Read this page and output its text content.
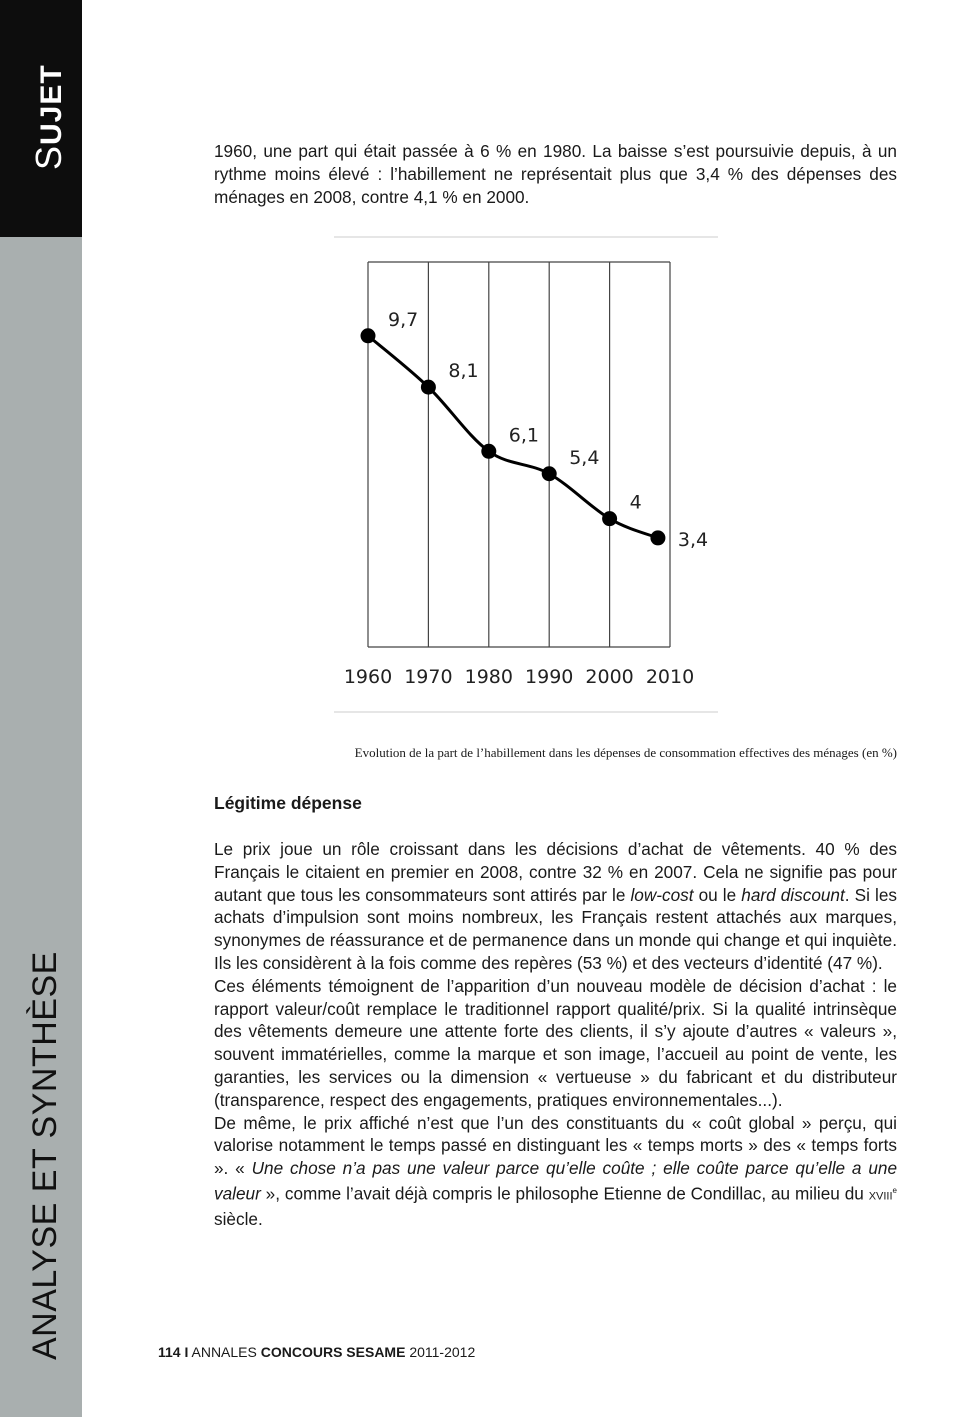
SUJET
ANALYSE ET SYNTHÈSE

1960, une part qui était passée à 6 % en 1980. La baisse s’est poursuivie depuis, à un rythme moins élevé : l’habillement ne représentait plus que 3,4 % des dépenses des ménages en 2008, contre 4,1 % en 2000.

1960 1970 1980 1990 2000 2010
9,7
8,1
6,1
5,4
4
3,4
Evolution de la part de l’habillement dans les dépenses de consommation effectives des ménages (en %)
Légitime dépense

Le prix joue un rôle croissant dans les décisions d’achat de vêtements. 40 % des Français le citaient en premier en 2008, contre 32 % en 2007. Cela ne signifie pas pour autant que tous les consommateurs sont attirés par le low-cost ou le hard discount. Si les achats d’impulsion sont moins nombreux, les Français restent attachés aux marques, synonymes de réassurance et de permanence dans un monde qui change et qui inquiète. Ils les considèrent à la fois comme des repères (53 %) et des vecteurs d’identité (47 %).

Ces éléments témoignent de l’apparition d’un nouveau modèle de décision d’achat : le rapport valeur/coût remplace le traditionnel rapport qualité/prix. Si la qualité intrinsèque des vêtements demeure une attente forte des clients, il s’y ajoute d’autres « valeurs », souvent immatérielles, comme la marque et son image, l’accueil au point de vente, les garanties, les services ou la dimension « vertueuse » du fabricant et du distributeur (transparence, respect des engagements, pratiques environnementales...).

De même, le prix affiché n’est que l’un des constituants du « coût global » perçu, qui valorise notamment le temps passé en distinguant les « temps morts » des « temps forts ». « Une chose n’a pas une valeur parce qu’elle coûte ; elle coûte parce qu’elle a une valeur », comme l’avait déjà compris le philosophe Etienne de Condillac, au milieu du XVIIIe siècle.

114 I ANNALES CONCOURS SESAME 2011-2012
